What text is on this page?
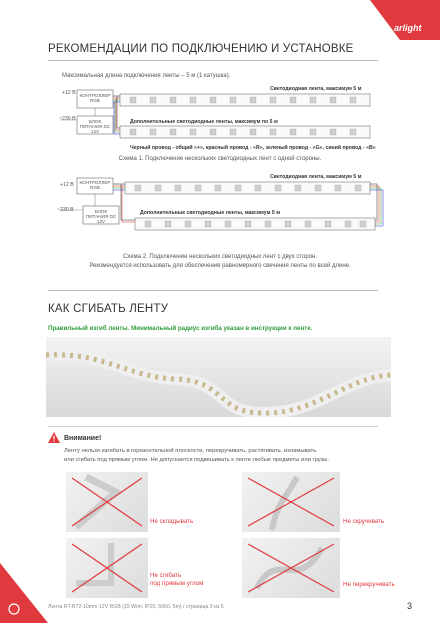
arlight
РЕКОМЕНДАЦИИ ПО ПОДКЛЮЧЕНИЮ И УСТАНОВКЕ
Максимальная длина подключения ленты – 5 м (1 катушка).
+12 В
~230 В
КОНТРОЛЛЕР RGB
БЛОК ПИТАНИЯ DC 12V
Светодиодная лента, максимум 5 м
Дополнительные светодиодные ленты, максимум по 5 м
Черный провод - общий «+», красный провод - «R», зеленый провод - «G», синий провод - «B»
Схема 1. Подключение нескольких светодиодных лент с одной стороны.
+12 В
~230 В
КОНТРОЛЛЕР RGB
БЛОК ПИТАНИЯ DC 12V
Светодиодная лента, максимум 5 м
Дополнительные светодиодные ленты, максимум 5 м
Схема 2. Подключение нескольких светодиодных лент с двух сторон.
Рекомендуется использовать для обеспечения равномерного свечения ленты по всей длине.
КАК СГИБАТЬ ЛЕНТУ
Правильный изгиб ленты. Минимальный радиус изгиба указан в инструкции к ленте.
Внимание!
Ленту нельзя изгибать в горизонтальной плоскости, перекручивать, растягивать, изламывать
или сгибать под прямым углом. Не допускается подвешивать к ленте любые предметы или грузы.
Не складывать	Не скручивать
Не сгибать
под прямым углом	Не перекручивать
Лента RT-B72-10mm 12V RGB (15 W/m, IP20, 5060, 5m) / страница 3 из 5	3
